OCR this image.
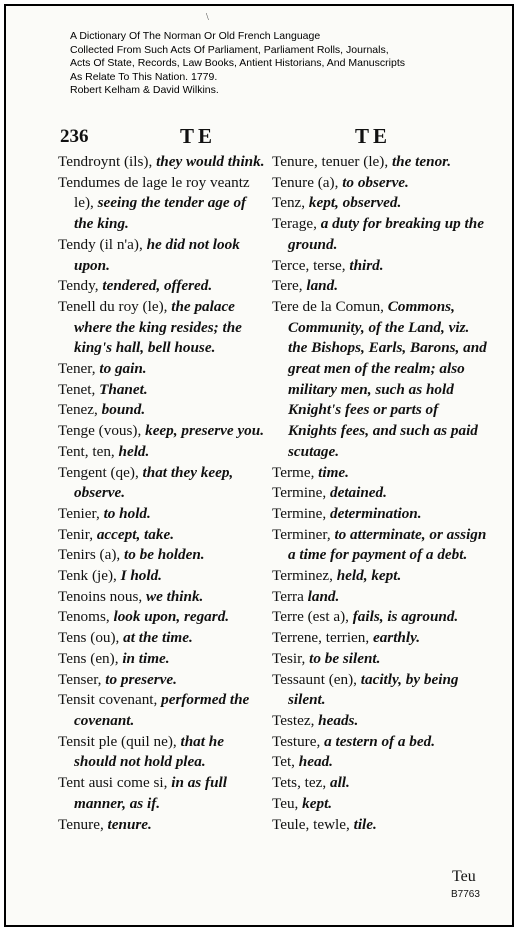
\
A Dictionary Of The Norman Or Old French Language
Collected From Such Acts Of Parliament, Parliament Rolls, Journals,
Acts Of State, Records, Law Books, Antient Historians, And Manuscripts
As Relate To This Nation. 1779.
Robert Kelham & David Wilkins.
236	TE	TE
Tendroynt (ils), they would think.
Tendumes de lage le roy veantz le), seeing the tender age of the king.
Tendy (il n'a), he did not look upon.
Tendy, tendered, offered.
Tenell du roy (le), the palace where the king resides; the king's hall, bell house.
Tener, to gain.
Tenet, Thanet.
Tenez, bound.
Tenge (vous), keep, preserve you.
Tent, ten, held.
Tengent (qe), that they keep, observe.
Tenier, to hold.
Tenir, accept, take.
Tenirs (a), to be holden.
Tenk (je), I hold.
Tenoins nous, we think.
Tenoms, look upon, regard.
Tens (ou), at the time.
Tens (en), in time.
Tenser, to preserve.
Tensit covenant, performed the covenant.
Tensit ple (quil ne), that he should not hold plea.
Tent ausi come si, in as full manner, as if.
Tenure, tenure.
Tenure, tenuer (le), the tenor.
Tenure (a), to observe.
Tenz, kept, observed.
Terage, a duty for breaking up the ground.
Terce, terse, third.
Tere, land.
Tere de la Comun, Commons, Community, of the Land, viz. the Bishops, Earls, Barons, and great men of the realm; also military men, such as hold Knight's fees or parts of Knights fees, and such as paid scutage.
Terme, time.
Termine, detained.
Termine, determination.
Terminer, to atterminate, or assign a time for payment of a debt.
Terminez, held, kept.
Terra land.
Terre (est a), fails, is aground.
Terrene, terrien, earthly.
Tesir, to be silent.
Tessaunt (en), tacitly, by being silent.
Testez, heads.
Testure, a testern of a bed.
Tet, head.
Tets, tez, all.
Teu, kept.
Teule, tewle, tile.
Teu
B7763
